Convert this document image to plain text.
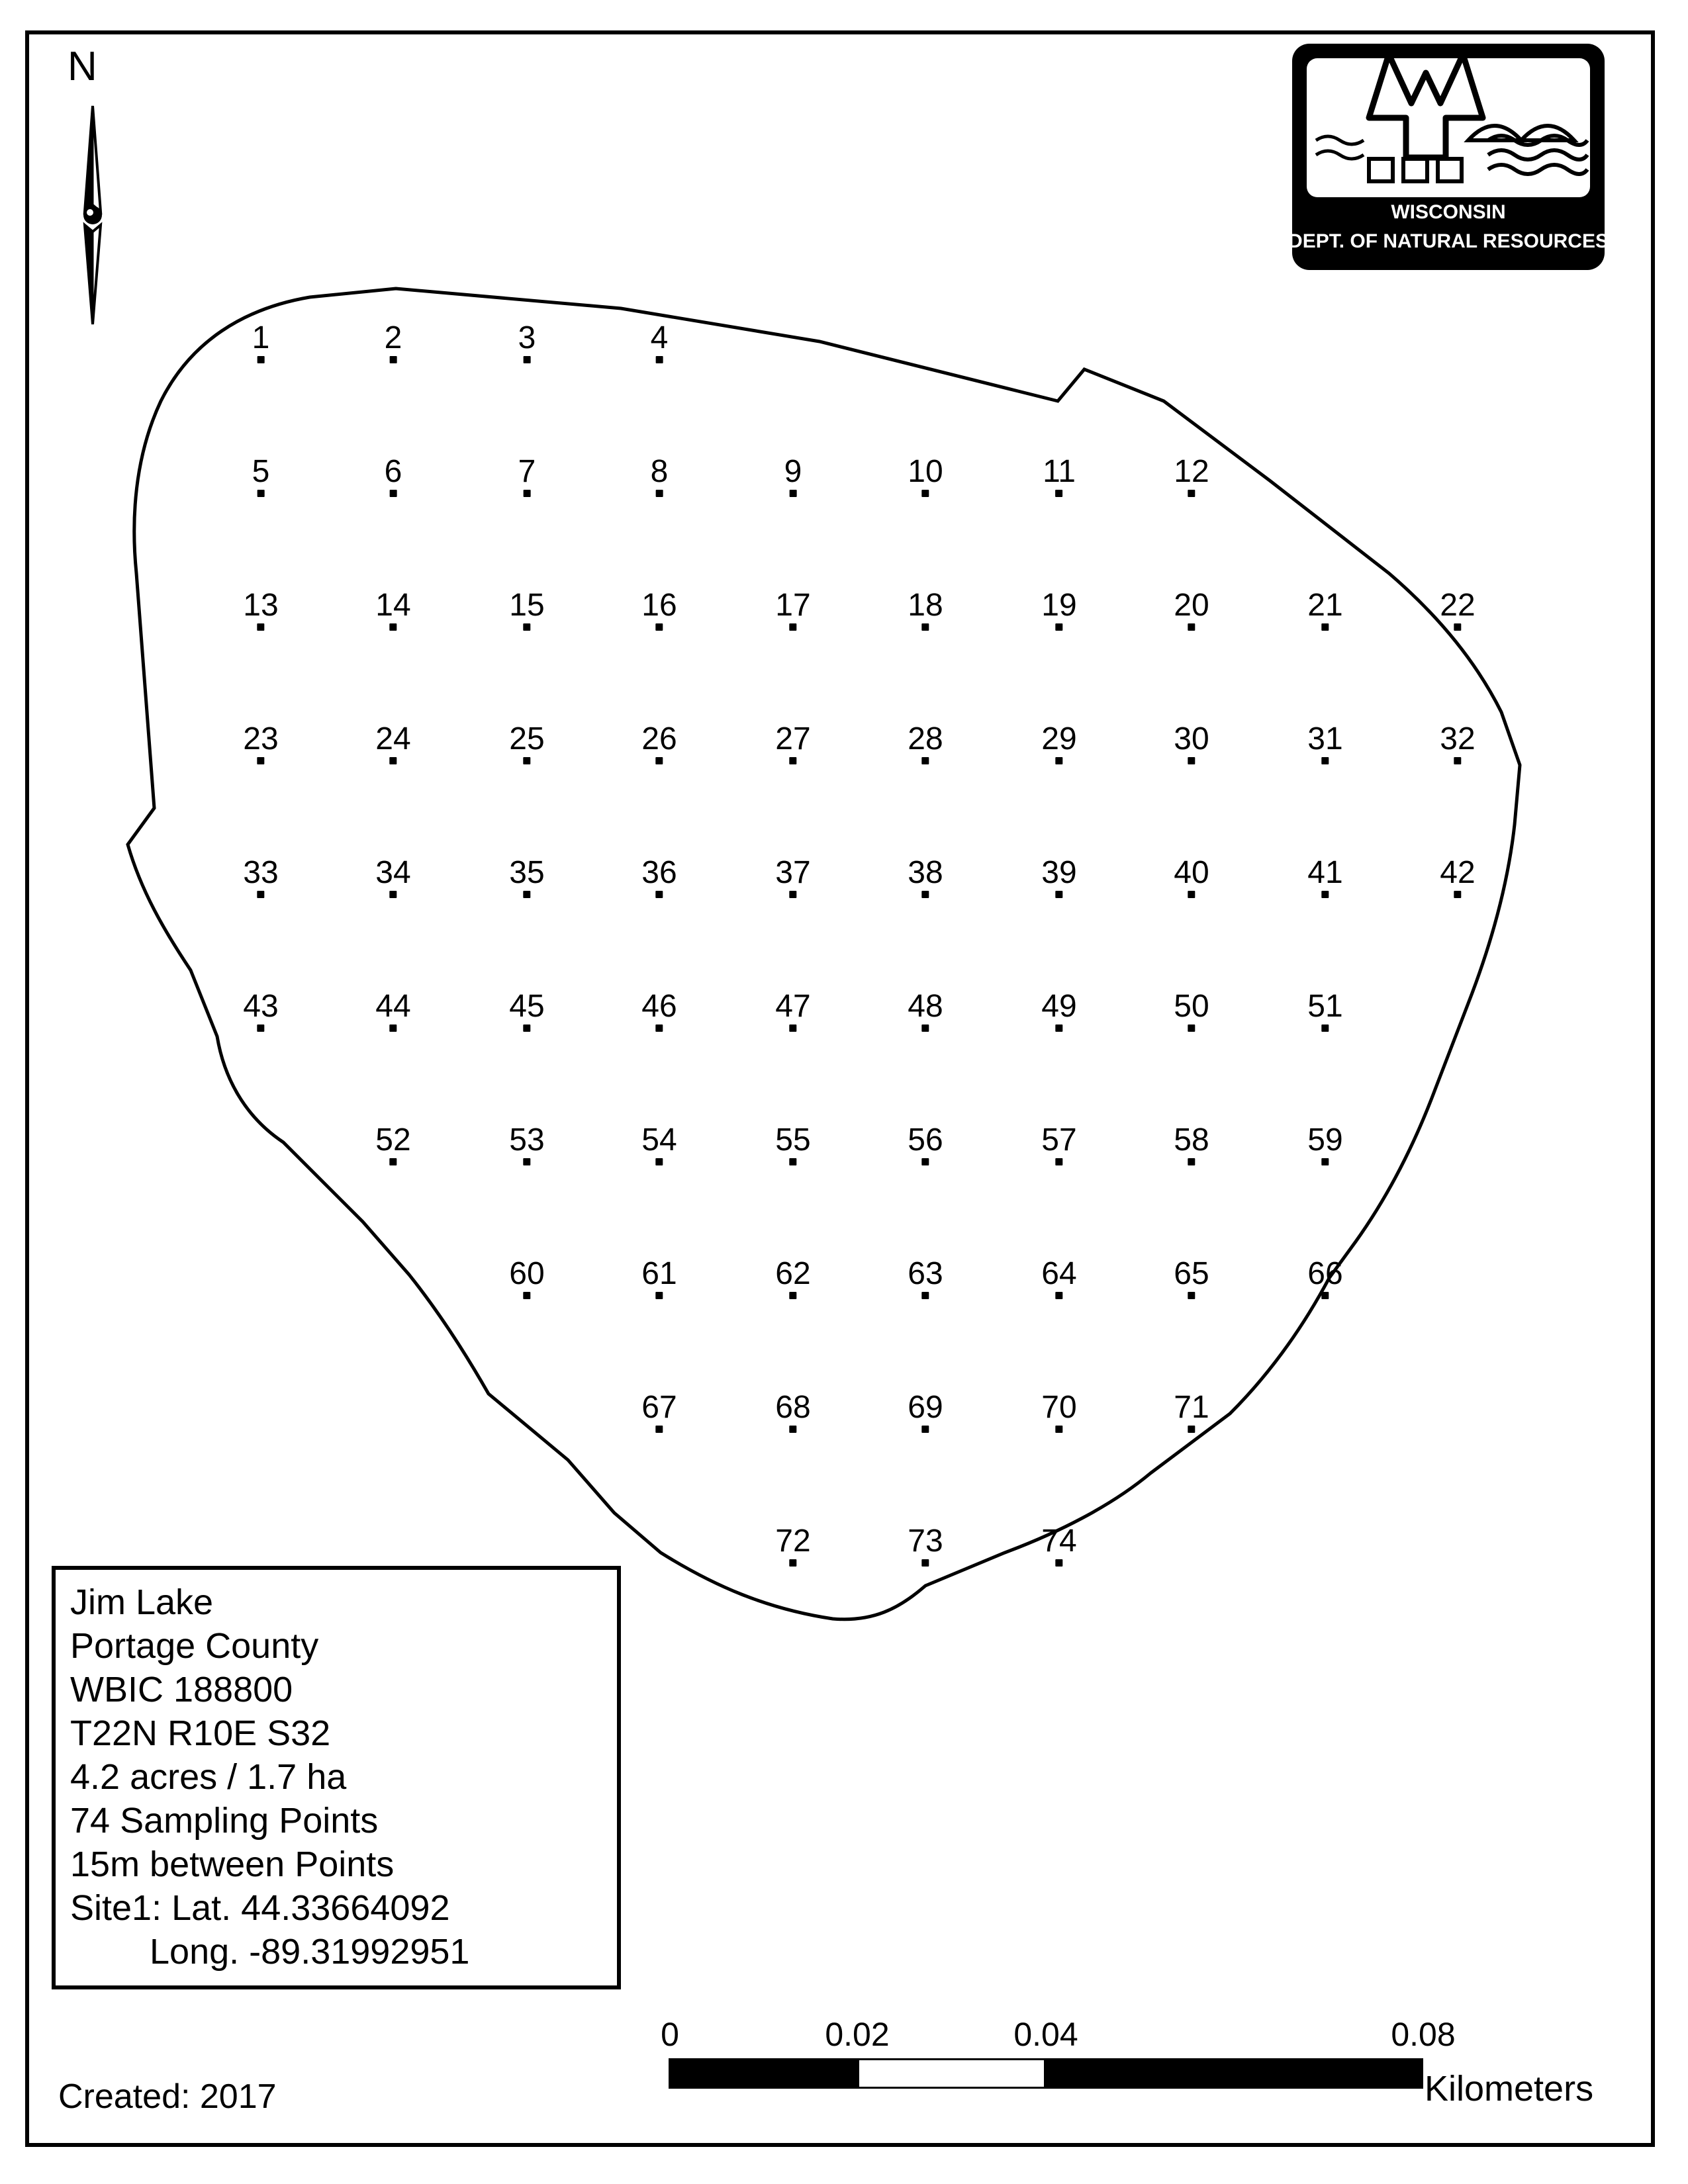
N
WISCONSIN
DEPT. OF NATURAL RESOURCES
1	2	3	4
5	6	7	8	9	10	11	12
13	14	15	16	17	18	19	20	21	22
23	24	25	26	27	28	29	30	31	32
33	34	35	36	37	38	39	40	41	42
43	44	45	46	47	48	49	50	51
52	53	54	55	56	57	58	59
60	61	62	63	64	65	66
67	68	69	70	71
72	73	74
Jim Lake
Portage County
WBIC 188800
T22N R10E S32
4.2 acres / 1.7 ha
74 Sampling Points
15m between Points
Site1: Lat. 44.33664092
Long. -89.31992951
Created: 2017
0	0.02	0.04	0.08
Kilometers
